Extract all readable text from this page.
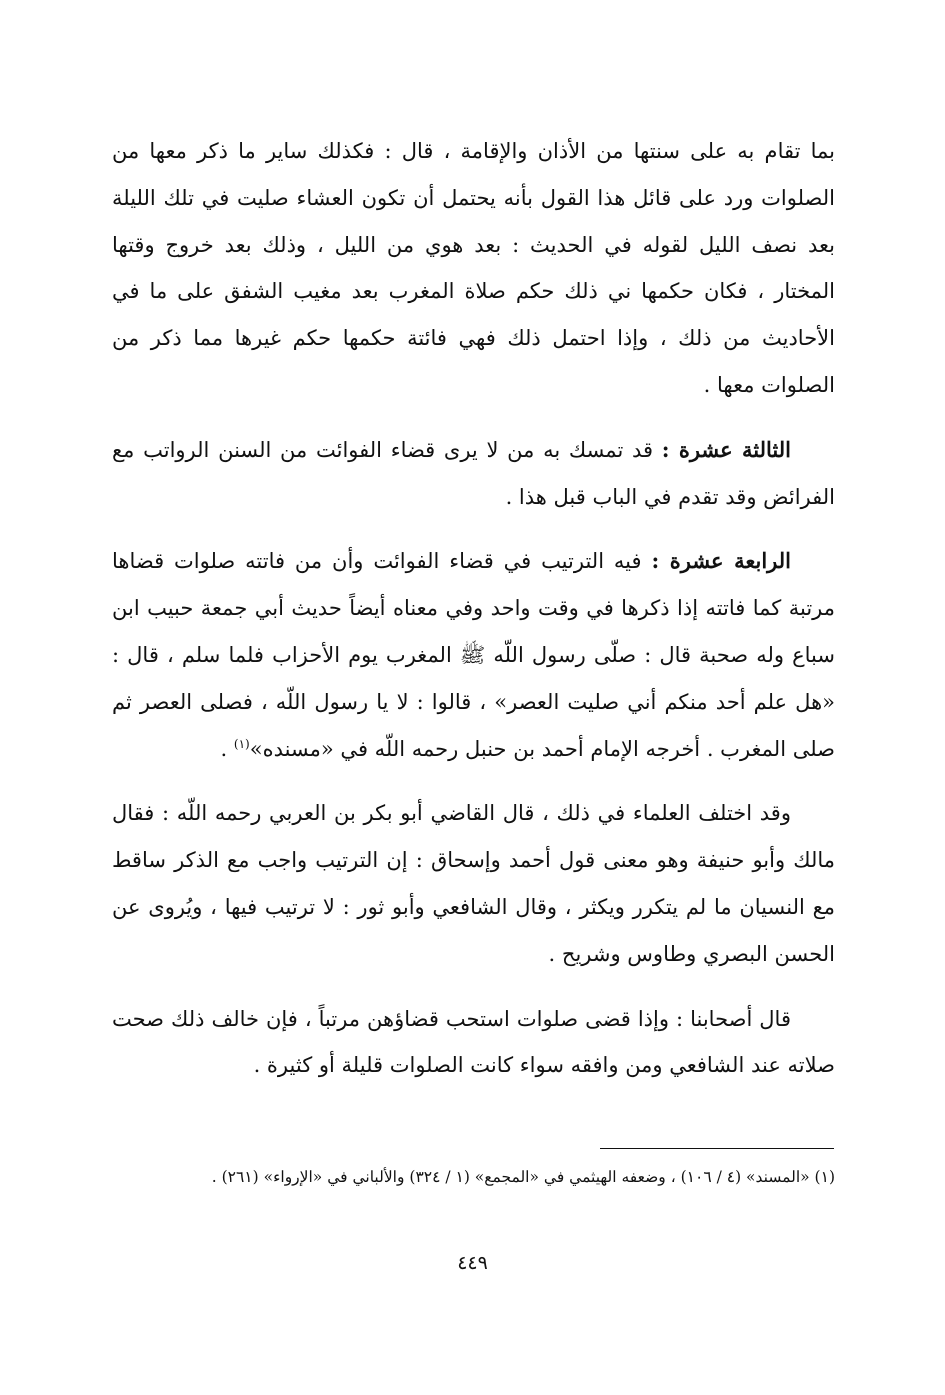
بما تقام به على سنتها من الأذان والإقامة ، قال : فكذلك ساير ما ذكر معها من الصلوات ورد على قائل هذا القول بأنه يحتمل أن تكون العشاء صليت في تلك الليلة بعد نصف الليل لقوله في الحديث : بعد هوي من الليل ، وذلك بعد خروج وقتها المختار ، فكان حكمها ني ذلك حكم صلاة المغرب بعد مغيب الشفق على ما في الأحاديث من ذلك ، وإذا احتمل ذلك فهي فائتة حكمها حكم غيرها مما ذكر من الصلوات معها .

الثالثة عشرة : قد تمسك به من لا يرى قضاء الفوائت من السنن الرواتب مع الفرائض وقد تقدم في الباب قبل هذا .

الرابعة عشرة : فيه الترتيب في قضاء الفوائت وأن من فاتته صلوات قضاها مرتبة كما فاتته إذا ذكرها في وقت واحد وفي معناه أيضاً حديث أبي جمعة حبيب ابن سباع وله صحبة قال : صلّى رسول اللّه ﷺ المغرب يوم الأحزاب فلما سلم ، قال : «هل علم أحد منكم أني صليت العصر» ، قالوا : لا يا رسول اللّه ، فصلى العصر ثم صلى المغرب . أخرجه الإمام أحمد بن حنبل رحمه اللّه في «مسنده»$^{(١)}$ .

وقد اختلف العلماء في ذلك ، قال القاضي أبو بكر بن العربي رحمه اللّه : فقال مالك وأبو حنيفة وهو معنى قول أحمد وإسحاق : إن الترتيب واجب مع الذكر ساقط مع النسيان ما لم يتكرر ويكثر ، وقال الشافعي وأبو ثور : لا ترتيب فيها ، ويُروى عن الحسن البصري وطاوس وشريح .

قال أصحابنا : وإذا قضى صلوات استحب قضاؤهن مرتباً ، فإن خالف ذلك صحت صلاته عند الشافعي ومن وافقه سواء كانت الصلوات قليلة أو كثيرة .

(١) «المسند» (٤ / ١٠٦) ، وضعفه الهيثمي في «المجمع» (١ / ٣٢٤) والألباني في «الإرواء» (٢٦١) .
٤٤٩
